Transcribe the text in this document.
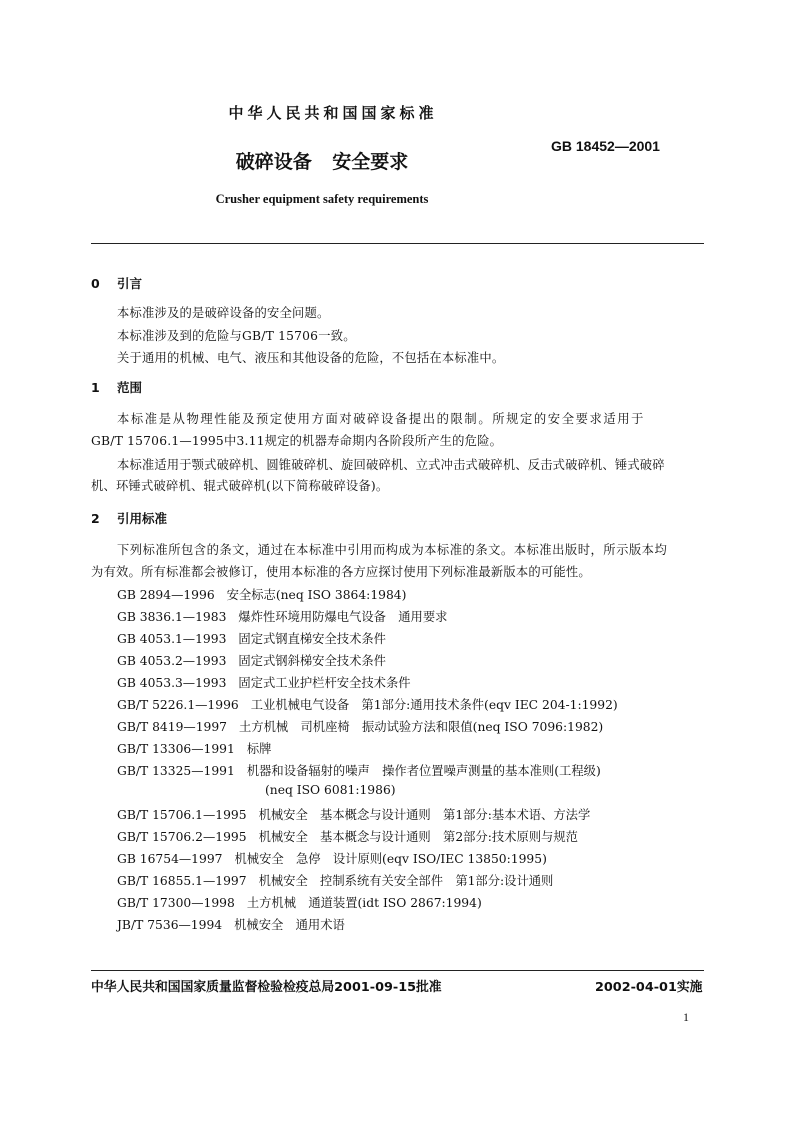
中华人民共和国国家标准
GB 18452—2001
破碎设备 安全要求
Crusher equipment safety requirements
0 引言
本标准涉及的是破碎设备的安全问题。
本标准涉及到的危险与GB/T 15706一致。
关于通用的机械、电气、液压和其他设备的危险，不包括在本标准中。
1 范围
本标准是从物理性能及预定使用方面对破碎设备提出的限制。所规定的安全要求适用于
GB/T 15706.1—1995中3.11规定的机器寿命期内各阶段所产生的危险。
本标准适用于颚式破碎机、圆锥破碎机、旋回破碎机、立式冲击式破碎机、反击式破碎机、锤式破碎
机、环锤式破碎机、辊式破碎机(以下简称破碎设备)。
2 引用标准
下列标准所包含的条文，通过在本标准中引用而构成为本标准的条文。本标准出版时，所示版本均
为有效。所有标准都会被修订，使用本标准的各方应探讨使用下列标准最新版本的可能性。
GB 2894—1996 安全标志(neq ISO 3864:1984)
GB 3836.1—1983 爆炸性环境用防爆电气设备　通用要求
GB 4053.1—1993 固定式钢直梯安全技术条件
GB 4053.2—1993 固定式钢斜梯安全技术条件
GB 4053.3—1993 固定式工业护栏杆安全技术条件
GB/T 5226.1—1996 工业机械电气设备　第1部分:通用技术条件(eqv IEC 204-1:1992)
GB/T 8419—1997 土方机械　司机座椅　振动试验方法和限值(neq ISO 7096:1982)
GB/T 13306—1991 标牌
GB/T 13325—1991 机器和设备辐射的噪声　操作者位置噪声测量的基本准则(工程级)
(neq ISO 6081:1986)
GB/T 15706.1—1995 机械安全　基本概念与设计通则　第1部分:基本术语、方法学
GB/T 15706.2—1995 机械安全　基本概念与设计通则　第2部分:技术原则与规范
GB 16754—1997 机械安全　急停　设计原则(eqv ISO/IEC 13850:1995)
GB/T 16855.1—1997 机械安全　控制系统有关安全部件　第1部分:设计通则
GB/T 17300—1998 土方机械　通道装置(idt ISO 2867:1994)
JB/T 7536—1994 机械安全　通用术语
中华人民共和国国家质量监督检验检疫总局2001-09-15批准	2002-04-01实施
1
